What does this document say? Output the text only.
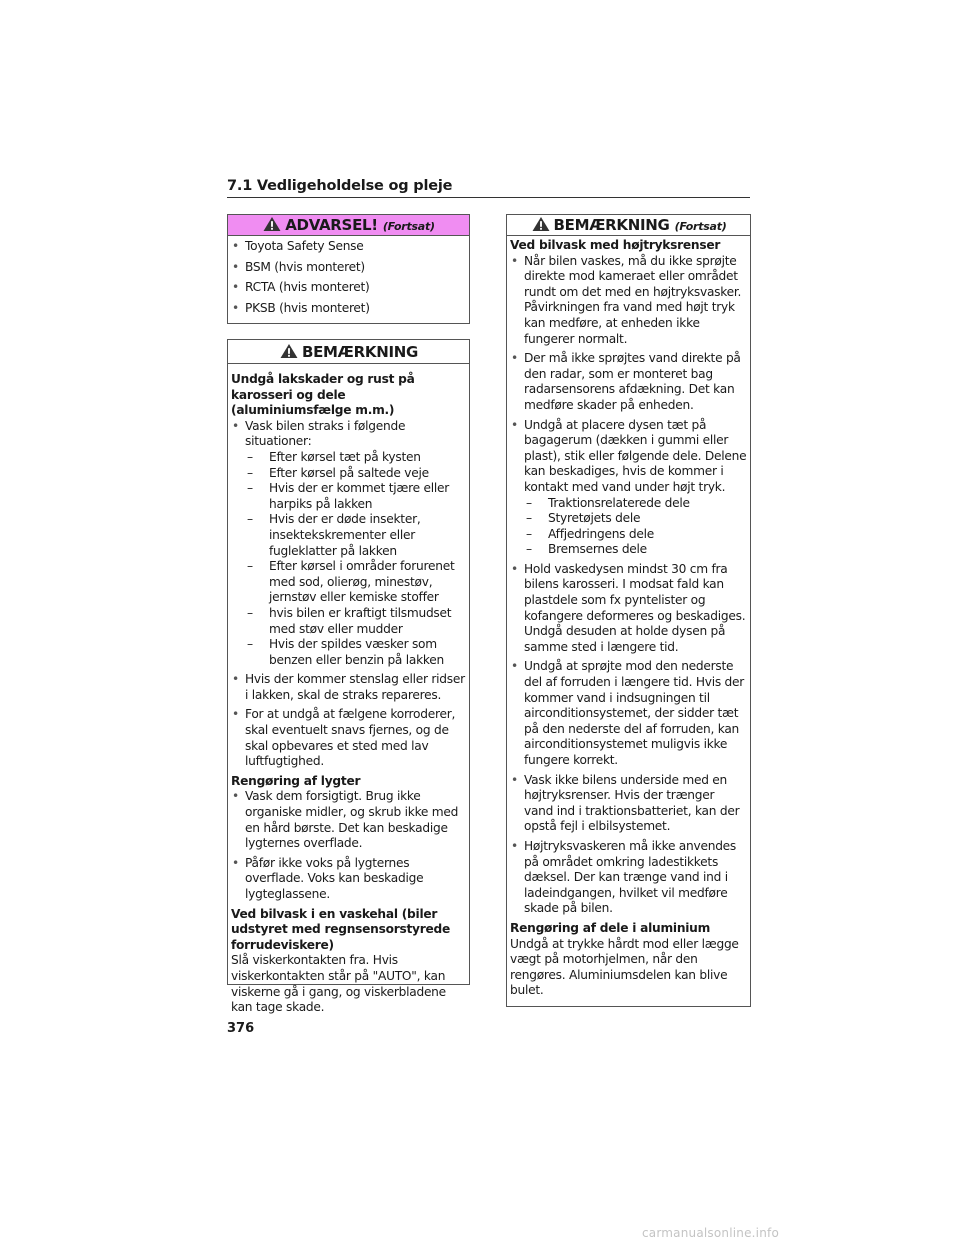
7.1 Vedligeholdelse og pleje
ADVARSEL! (Fortsat)
• Toyota Safety Sense
• BSM (hvis monteret)
• RCTA (hvis monteret)
• PKSB (hvis monteret)
BEMÆRKNING
Undgå lakskader og rust på karosseri og dele (aluminiumsfælge m.m.)
• Vask bilen straks i følgende situationer:
– Efter kørsel tæt på kysten
– Efter kørsel på saltede veje
– Hvis der er kommet tjære eller harpiks på lakken
– Hvis der er døde insekter, insektekskrementer eller fugleklatter på lakken
– Efter kørsel i områder forurenet med sod, olierøg, minestøv, jernstøv eller kemiske stoffer
– hvis bilen er kraftigt tilsmudset med støv eller mudder
– Hvis der spildes væsker som benzen eller benzin på lakken
• Hvis der kommer stenslag eller ridser i lakken, skal de straks repareres.
• For at undgå at fælgene korroderer, skal eventuelt snavs fjernes, og de skal opbevares et sted med lav luftfugtighed.
Rengøring af lygter
• Vask dem forsigtigt. Brug ikke organiske midler, og skrub ikke med en hård børste. Det kan beskadige lygternes overflade.
• Påfør ikke voks på lygternes overflade. Voks kan beskadige lygteglassene.
Ved bilvask i en vaskehal (biler udstyret med regnsensorstyrede forrudeviskere)
Slå viskerkontakten fra. Hvis viskerkontakten står på "AUTO", kan viskerne gå i gang, og viskerbladene kan tage skade.
BEMÆRKNING (Fortsat)
Ved bilvask med højtryksrenser
• Når bilen vaskes, må du ikke sprøjte direkte mod kameraet eller området rundt om det med en højtryksvasker. Påvirkningen fra vand med højt tryk kan medføre, at enheden ikke fungerer normalt.
• Der må ikke sprøjtes vand direkte på den radar, som er monteret bag radarsensorens afdækning. Det kan medføre skader på enheden.
• Undgå at placere dysen tæt på bagagerum (dækken i gummi eller plast), stik eller følgende dele. Delene kan beskadiges, hvis de kommer i kontakt med vand under højt tryk.
– Traktionsrelaterede dele
– Styretøjets dele
– Affjedringens dele
– Bremsernes dele
• Hold vaskedysen mindst 30 cm fra bilens karosseri. I modsat fald kan plastdele som fx pyntelister og kofangere deformeres og beskadiges. Undgå desuden at holde dysen på samme sted i længere tid.
• Undgå at sprøjte mod den nederste del af forruden i længere tid. Hvis der kommer vand i indsugningen til airconditionsystemet, der sidder tæt på den nederste del af forruden, kan airconditionsystemet muligvis ikke fungere korrekt.
• Vask ikke bilens underside med en højtryksrenser. Hvis der trænger vand ind i traktionsbatteriet, kan der opstå fejl i elbilsystemet.
• Højtryksvaskeren må ikke anvendes på området omkring ladestikkets dæksel. Der kan trænge vand ind i ladeindgangen, hvilket vil medføre skade på bilen.
Rengøring af dele i aluminium
Undgå at trykke hårdt mod eller lægge vægt på motorhjelmen, når den rengøres. Aluminiumsdelen kan blive bulet.
376
carmanualsonline.info
